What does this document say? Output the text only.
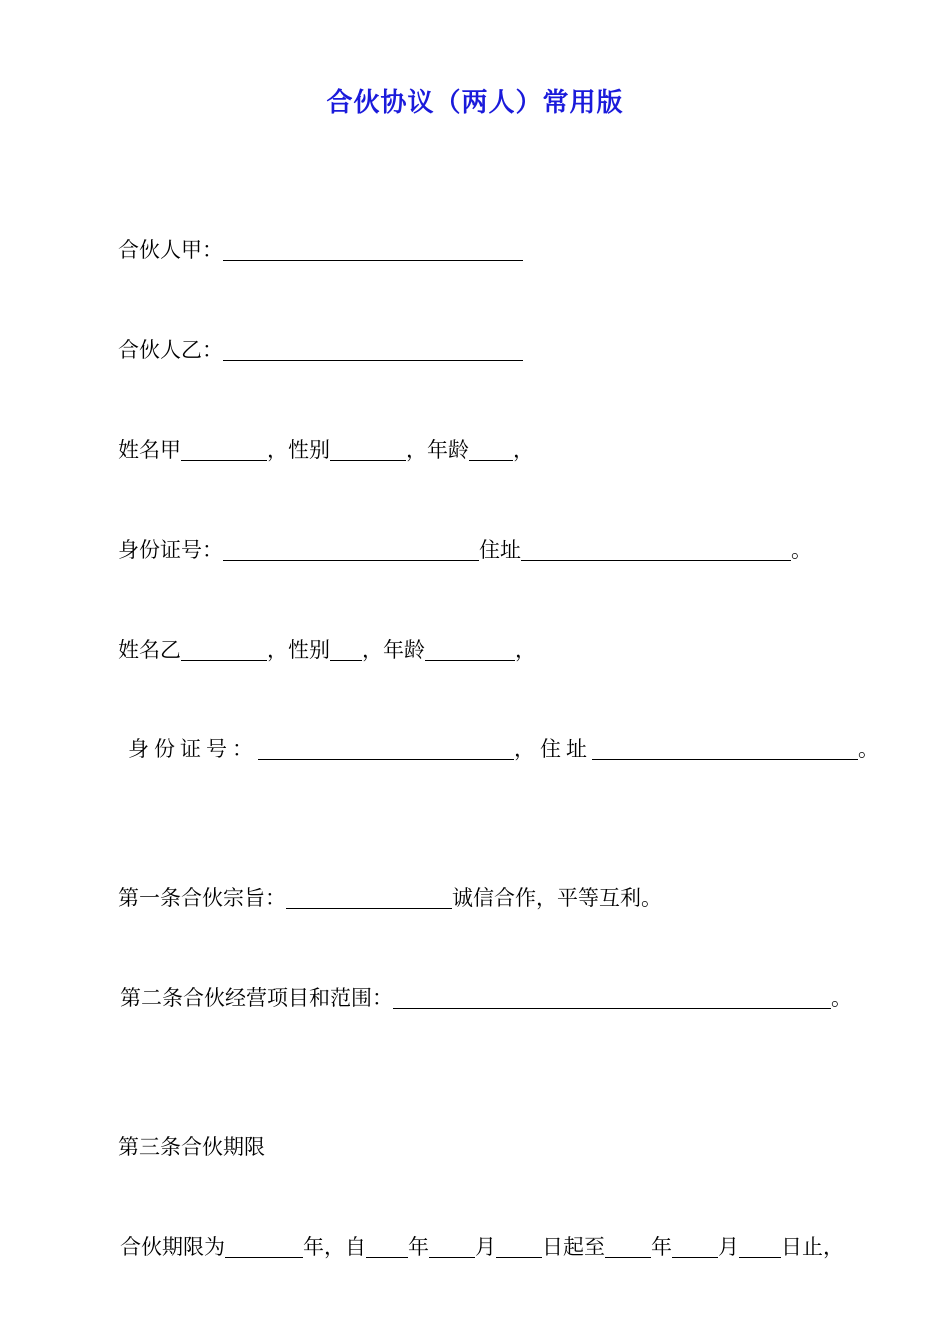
合伙协议（两人）常用版
合伙人甲：
合伙人乙：
姓名甲	，性别	，年龄 ，
身份证号：	住址	。
姓名乙	，性别 ，年龄	，
身份证号：	，住址	。
第一条合伙宗旨：	诚信合作，平等互利。
第二条合伙经营项目和范围：	。
第三条合伙期限
合伙期限为	年，自 年 月 日起至 年 月 日止，
